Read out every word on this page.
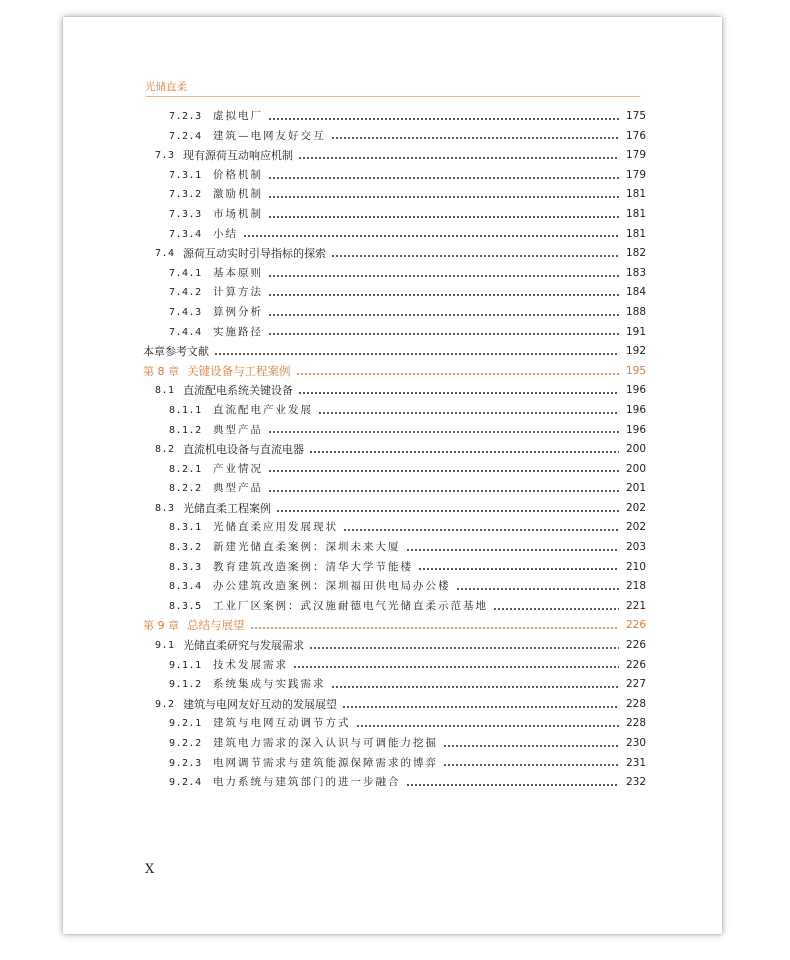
光储直柔
7.2.3	虚拟电厂	175
7.2.4	建筑—电网友好交互	176
7.3 现有源荷互动响应机制	179
7.3.1	价格机制	179
7.3.2	激励机制	181
7.3.3	市场机制	181
7.3.4	小结	181
7.4 源荷互动实时引导指标的探索	182
7.4.1	基本原则	183
7.4.2	计算方法	184
7.4.3	算例分析	188
7.4.4	实施路径	191
本章参考文献	192
第 8 章 关键设备与工程案例	195
8.1 直流配电系统关键设备	196
8.1.1	直流配电产业发展	196
8.1.2	典型产品	196
8.2 直流机电设备与直流电器	200
8.2.1	产业情况	200
8.2.2	典型产品	201
8.3 光储直柔工程案例	202
8.3.1	光储直柔应用发展现状	202
8.3.2	新建光储直柔案例：深圳未来大厦	203
8.3.3	教育建筑改造案例：清华大学节能楼	210
8.3.4	办公建筑改造案例：深圳福田供电局办公楼	218
8.3.5	工业厂区案例：武汉施耐德电气光储直柔示范基地	221
第 9 章 总结与展望	226
9.1 光储直柔研究与发展需求	226
9.1.1	技术发展需求	226
9.1.2	系统集成与实践需求	227
9.2 建筑与电网友好互动的发展展望	228
9.2.1	建筑与电网互动调节方式	228
9.2.2	建筑电力需求的深入认识与可调能力挖掘	230
9.2.3	电网调节需求与建筑能源保障需求的博弈	231
9.2.4	电力系统与建筑部门的进一步融合	232
X
